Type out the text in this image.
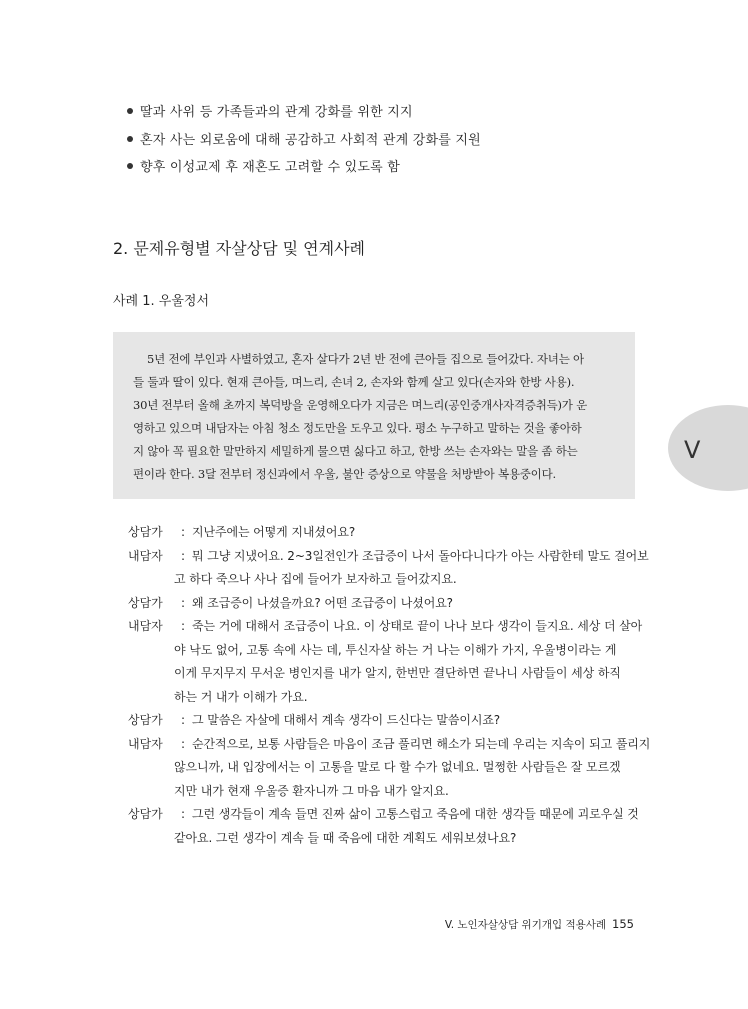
딸과 사위 등 가족들과의 관계 강화를 위한 지지
혼자 사는 외로움에 대해 공감하고 사회적 관계 강화를 지원
향후 이성교제 후 재혼도 고려할 수 있도록 함
2. 문제유형별 자살상담 및 연계사례
사례 1. 우울정서
5년 전에 부인과 사별하였고, 혼자 살다가 2년 반 전에 큰아들 집으로 들어갔다. 자녀는 아
들 둘과 딸이 있다. 현재 큰아들, 며느리, 손녀 2, 손자와 함께 살고 있다(손자와 한방 사용).
30년 전부터 올해 초까지 복덕방을 운영해오다가 지금은 며느리(공인중개사자격증취득)가 운
영하고 있으며 내담자는 아침 청소 정도만을 도우고 있다. 평소 누구하고 말하는 것을 좋아하
지 않아 꼭 필요한 말만하지 세밀하게 물으면 싫다고 하고, 한방 쓰는 손자와는 말을 좀 하는
편이라 한다. 3달 전부터 정신과에서 우울, 불안 증상으로 약물을 처방받아 복용중이다.
V
상담가	: 지난주에는 어떻게 지내셨어요?
내담자	: 뭐 그냥 지냈어요. 2~3일전인가 조급증이 나서 돌아다니다가 아는 사람한테 말도 걸어보
고 하다 죽으나 사나 집에 들어가 보자하고 들어갔지요.
상담가	: 왜 조급증이 나셨을까요? 어떤 조급증이 나셨어요?
내담자	: 죽는 거에 대해서 조급증이 나요. 이 상태로 끝이 나나 보다 생각이 들지요. 세상 더 살아
야 낙도 없어, 고통 속에 사는 데, 투신자살 하는 거 나는 이해가 가지, 우울병이라는 게
이게 무지무지 무서운 병인지를 내가 알지, 한번만 결단하면 끝나니 사람들이 세상 하직
하는 거 내가 이해가 가요.
상담가	: 그 말씀은 자살에 대해서 계속 생각이 드신다는 말씀이시죠?
내담자	: 순간적으로, 보통 사람들은 마음이 조금 풀리면 해소가 되는데 우리는 지속이 되고 풀리지
않으니까, 내 입장에서는 이 고통을 말로 다 할 수가 없네요. 멀쩡한 사람들은 잘 모르겠
지만 내가 현재 우울증 환자니까 그 마음 내가 알지요.
상담가	: 그런 생각들이 계속 들면 진짜 삶이 고통스럽고 죽음에 대한 생각들 때문에 괴로우실 것
같아요. 그런 생각이 계속 들 때 죽음에 대한 계획도 세워보셨나요?
V. 노인자살상담 위기개입 적용사례 155
